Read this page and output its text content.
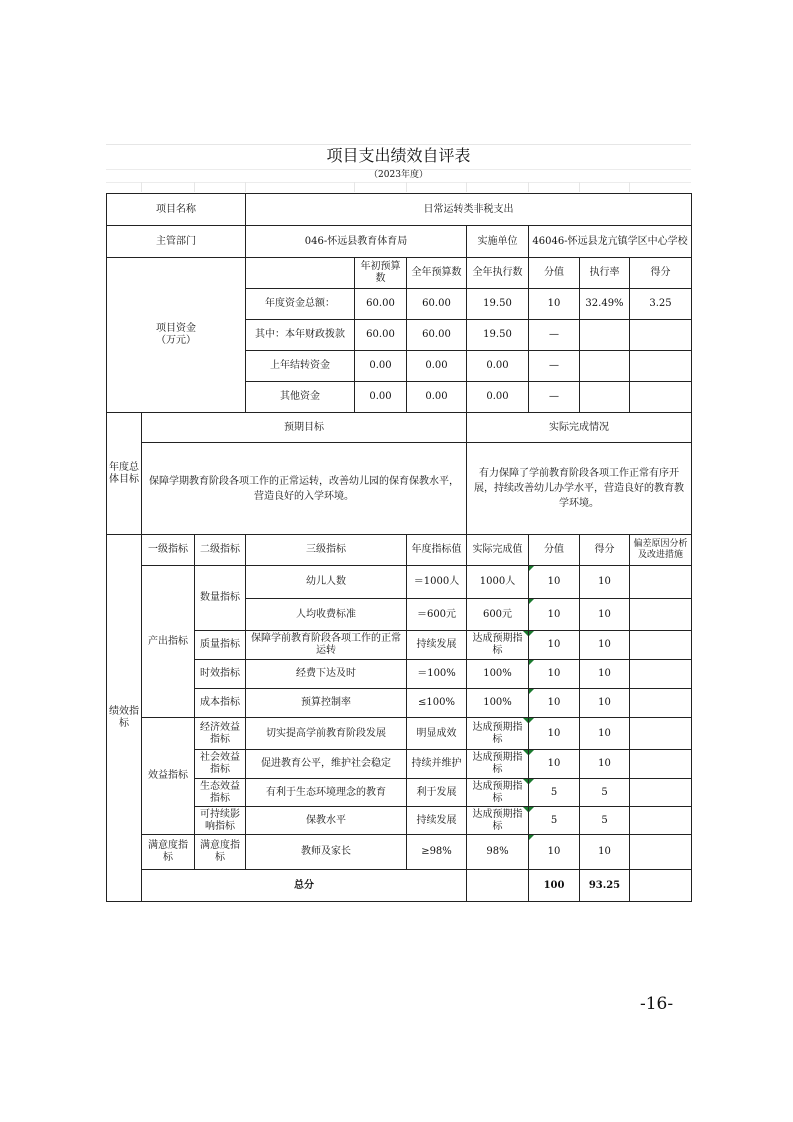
项目支出绩效自评表
（2023年度）
项目名称			日常运转类非税支出						
主管部门			046-怀远县教育体育局			实施单位	46046-怀远县龙亢镇学区中心学校		
项目资金
（万元）				年初预算数	全年预算数	全年执行数	分值	执行率	得分
			年度资金总额：	60.00	60.00	19.50	10	32.49%	3.25
			其中：本年财政拨款	60.00	60.00	19.50	—		
			上年结转资金	0.00	0.00	0.00	—		
			其他资金	0.00	0.00	0.00	—		
年度总体目标	预期目标					实际完成情况			
	保障学期教育阶段各项工作的正常运转，改善幼儿园的保育保教水平，营造良好的入学环境。					有力保障了学前教育阶段各项工作正常有序开展，持续改善幼儿办学水平，营造良好的教育教学环境。			
绩效指标	一级指标	二级指标	三级指标		年度指标值	实际完成值	分值	得分	偏差原因分析及改进措施
	产出指标	数量指标	幼儿人数		＝1000人	1000人	10	10	
			人均收费标准		＝600元	600元	10	10	
		质量指标	保障学前教育阶段各项工作的正常运转		持续发展	达成预期指标	10	10	
		时效指标	经费下达及时		＝100%	100%	10	10	
		成本指标	预算控制率		≤100%	100%	10	10	
	效益指标	经济效益指标	切实提高学前教育阶段发展		明显成效	达成预期指标	10	10	
		社会效益指标	促进教育公平，维护社会稳定		持续并维护	达成预期指标	10	10	
		生态效益指标	有利于生态环境理念的教育		利于发展	达成预期指标	5	5	
		可持续影响指标	保教水平		持续发展	达成预期指标	5	5	
	满意度指标	满意度指标	教师及家长		≥98%	98%	10	10	
	总分						100	93.25	
-16-
